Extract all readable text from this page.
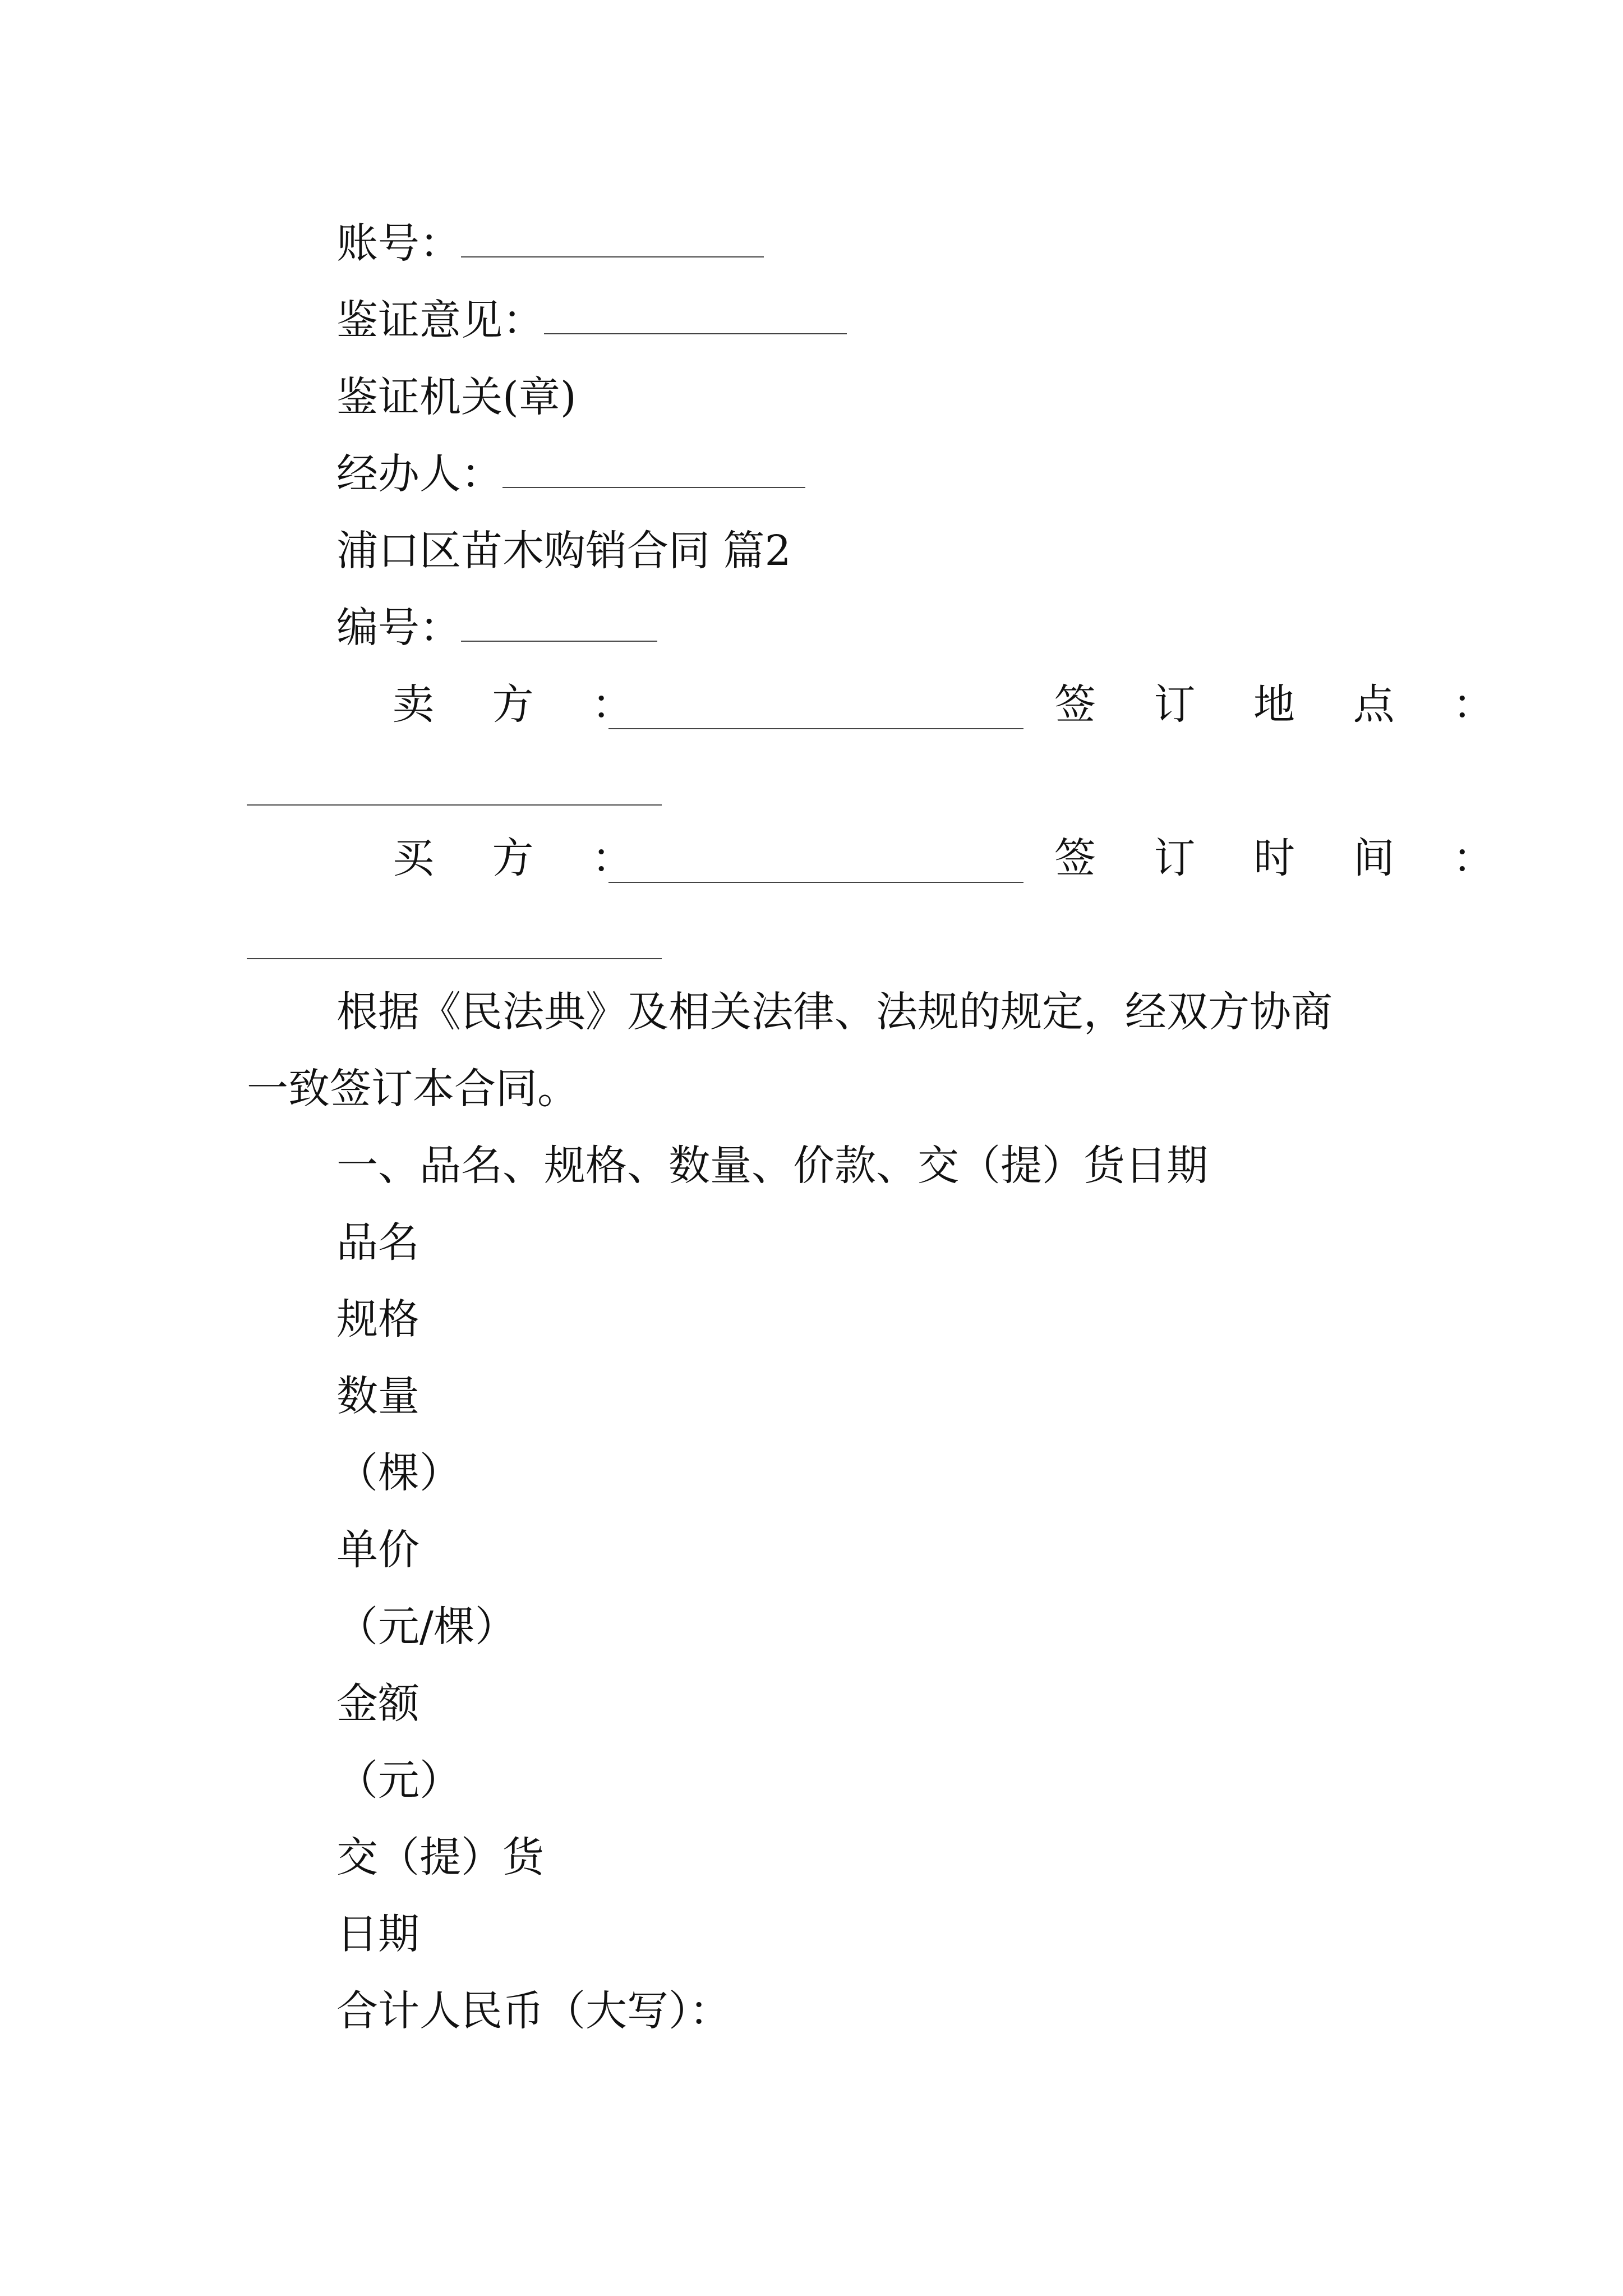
账号：
鉴证意见：
鉴证机关(章)
经办人：
浦口区苗木购销合同 篇2
编号：
卖 方 ：	签 订 地 点 ：
买 方 ：	签 订 时 间 ：
根据《民法典》及相关法律、法规的规定，经双方协商
一致签订本合同。
一、品名、规格、数量、价款、交（提）货日期
品名
规格
数量
（棵）
单价
（元/棵）
金额
（元）
交（提）货
日期
合计人民币（大写）：
